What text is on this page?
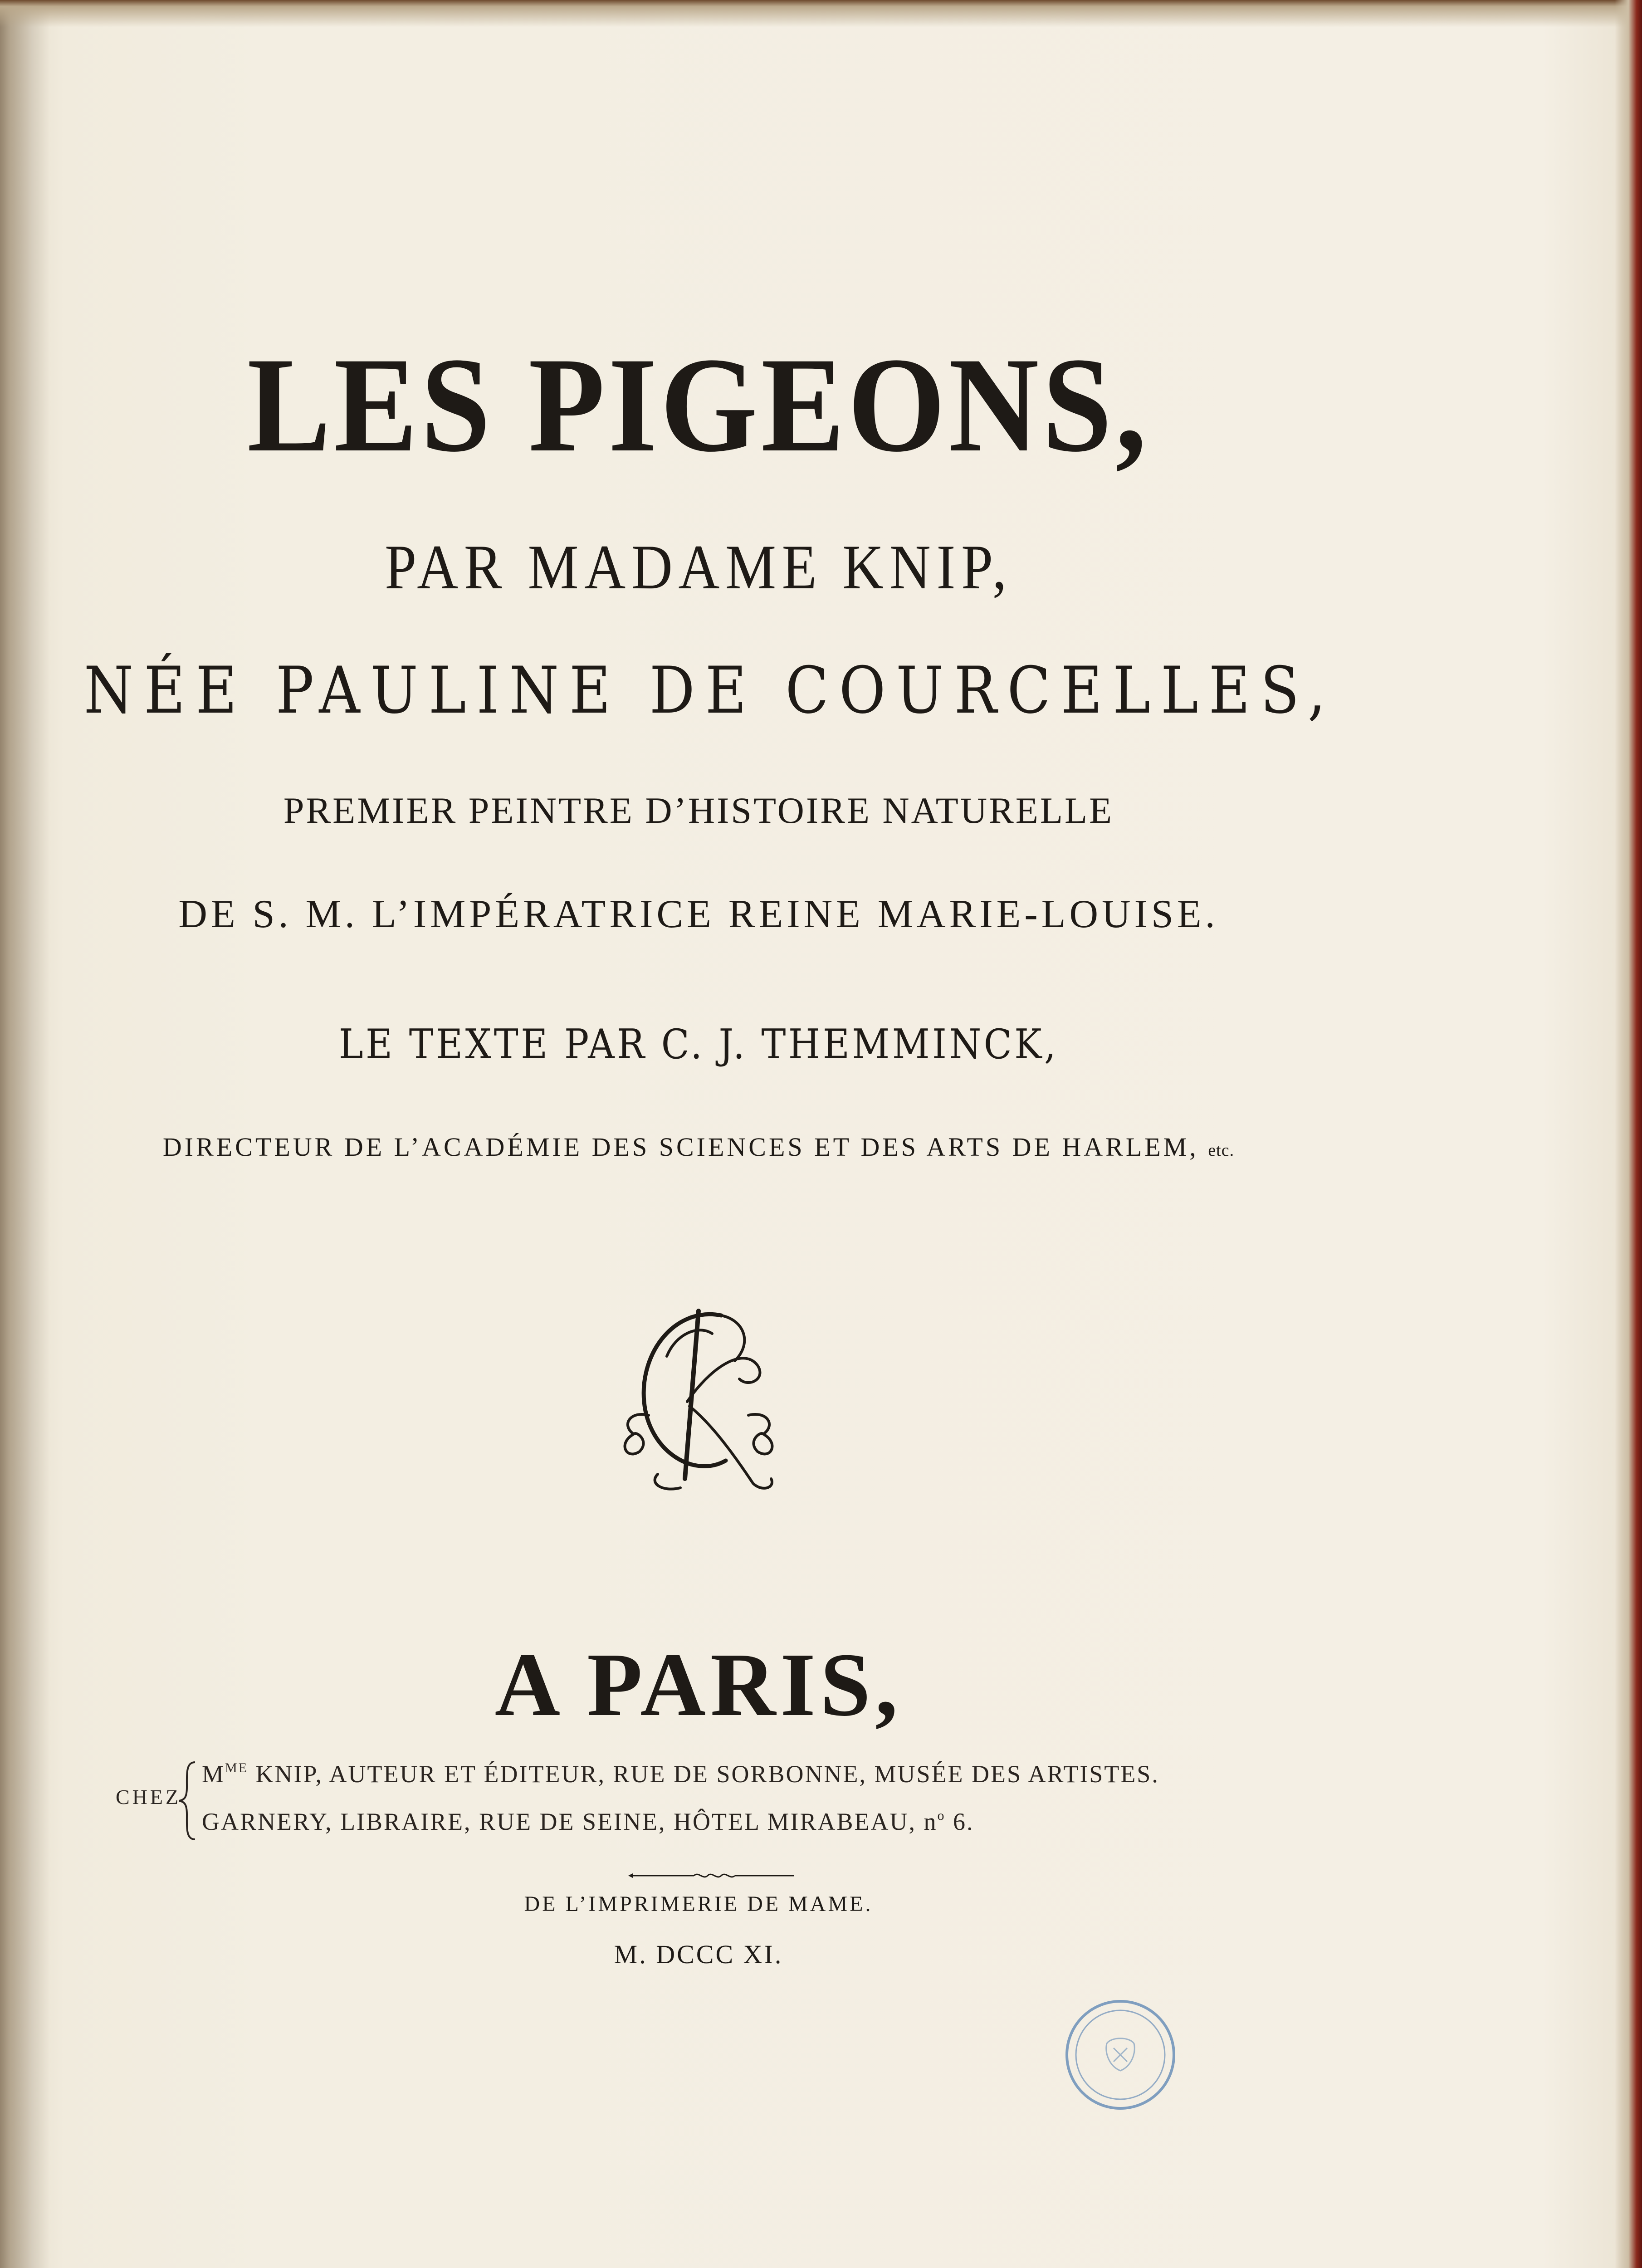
LES PIGEONS,

PAR MADAME KNIP,

NÉE PAULINE DE COURCELLES,

PREMIER PEINTRE D’HISTOIRE NATURELLE

DE S. M. L’IMPÉRATRICE REINE MARIE-LOUISE.

LE TEXTE PAR C. J. THEMMINCK,

DIRECTEUR DE L’ACADÉMIE DES SCIENCES ET DES ARTS DE HARLEM, etc.

A PARIS,

CHEZ

$M^{ME}$ KNIP, AUTEUR ET ÉDITEUR, RUE DE SORBONNE, MUSÉE DES ARTISTES.

GARNERY, LIBRAIRE, RUE DE SEINE, HÔTEL MIRABEAU, $n^o$ 6.

DE L’IMPRIMERIE DE MAME.

M. DCCC XI.
